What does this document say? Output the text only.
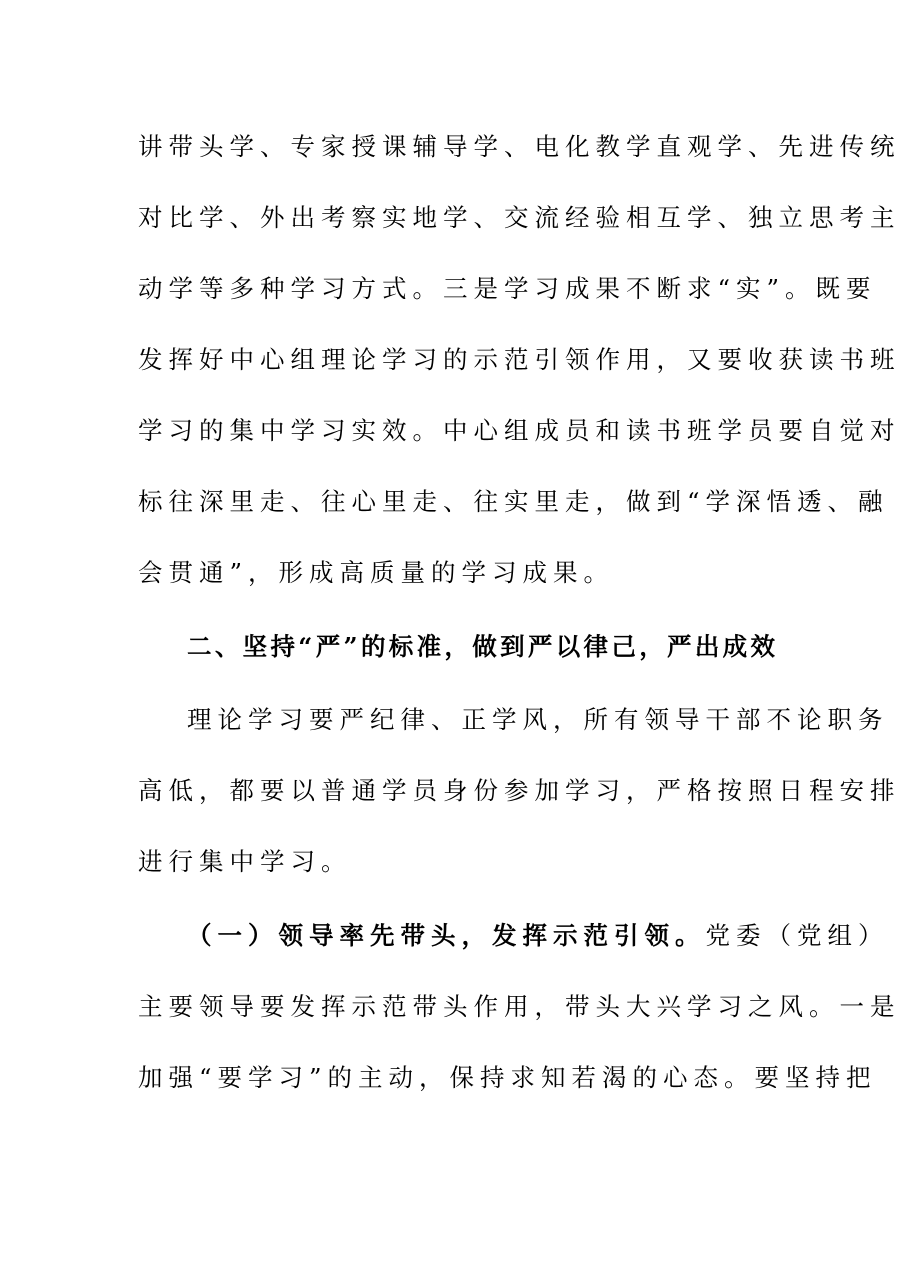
讲带头学、专家授课辅导学、电化教学直观学、先进传统
对比学、外出考察实地学、交流经验相互学、独立思考主
动学等多种学习方式。三是学习成果不断求“实”。既要
发挥好中心组理论学习的示范引领作用，又要收获读书班
学习的集中学习实效。中心组成员和读书班学员要自觉对
标往深里走、往心里走、往实里走，做到“学深悟透、融
会贯通”，形成高质量的学习成果。
二、坚持“严”的标准，做到严以律己，严出成效
理论学习要严纪律、正学风，所有领导干部不论职务
高低，都要以普通学员身份参加学习，严格按照日程安排
进行集中学习。
（一）领导率先带头，发挥示范引领。党委（党组）
主要领导要发挥示范带头作用，带头大兴学习之风。一是
加强“要学习”的主动，保持求知若渴的心态。要坚持把
